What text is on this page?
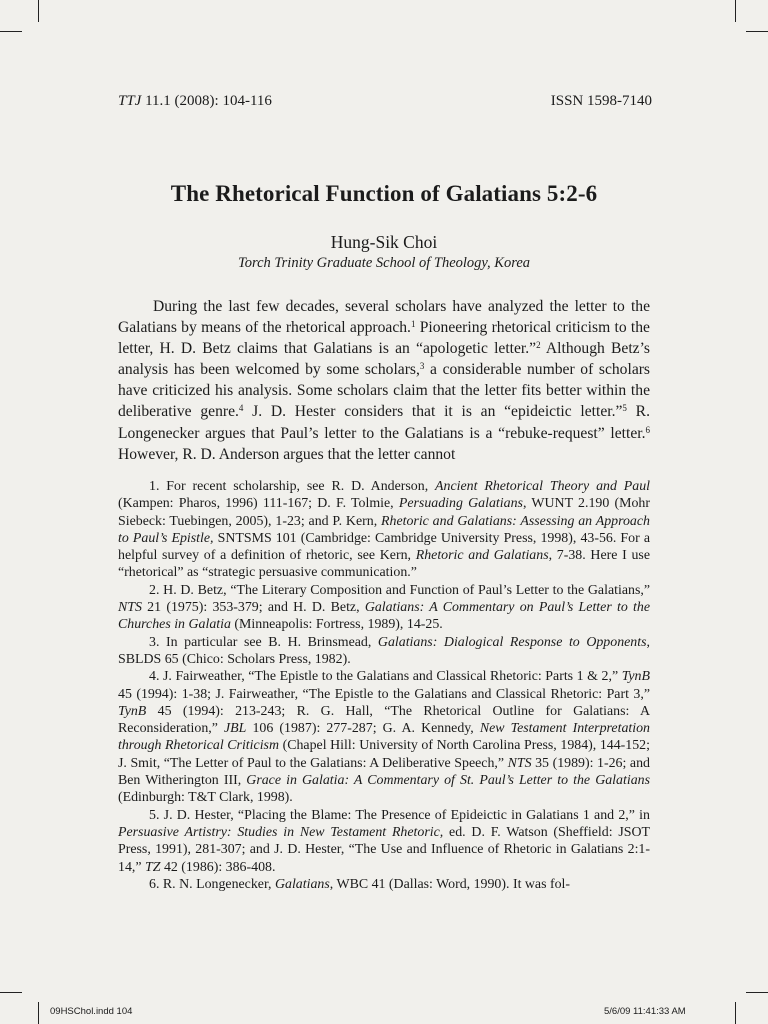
TTJ 11.1 (2008): 104-116	ISSN 1598-7140
The Rhetorical Function of Galatians 5:2-6
Hung-Sik Choi
Torch Trinity Graduate School of Theology, Korea

During the last few decades, several scholars have analyzed the letter to the Galatians by means of the rhetorical approach.$^1$ Pioneering rhetorical criticism to the letter, H. D. Betz claims that Galatians is an “apologetic letter.”$^2$ Although Betz’s analysis has been welcomed by some scholars,$^3$ a considerable number of scholars have criticized his analysis. Some scholars claim that the letter fits better within the deliberative genre.$^4$ J. D. Hester considers that it is an “epideictic letter.”$^5$ R. Longenecker argues that Paul’s letter to the Galatians is a “rebuke-request” letter.$^6$ However, R. D. Anderson argues that the letter cannot

1. For recent scholarship, see R. D. Anderson, Ancient Rhetorical Theory and Paul (Kampen: Pharos, 1996) 111-167; D. F. Tolmie, Persuading Galatians, WUNT 2.190 (Mohr Siebeck: Tuebingen, 2005), 1-23; and P. Kern, Rhetoric and Galatians: Assessing an Approach to Paul’s Epistle, SNTSMS 101 (Cambridge: Cambridge University Press, 1998), 43-56. For a helpful survey of a definition of rhetoric, see Kern, Rhetoric and Galatians, 7-38. Here I use “rhetorical” as “strategic persuasive communication.”

2. H. D. Betz, “The Literary Composition and Function of Paul’s Letter to the Galatians,” NTS 21 (1975): 353-379; and H. D. Betz, Galatians: A Commentary on Paul’s Letter to the Churches in Galatia (Minneapolis: Fortress, 1989), 14-25.

3. In particular see B. H. Brinsmead, Galatians: Dialogical Response to Opponents, SBLDS 65 (Chico: Scholars Press, 1982).

4. J. Fairweather, “The Epistle to the Galatians and Classical Rhetoric: Parts 1 & 2,” TynB 45 (1994): 1-38; J. Fairweather, “The Epistle to the Galatians and Classical Rhetoric: Part 3,” TynB 45 (1994): 213-243; R. G. Hall, “The Rhetorical Outline for Galatians: A Reconsideration,” JBL 106 (1987): 277-287; G. A. Kennedy, New Testament Interpretation through Rhetorical Criticism (Chapel Hill: University of North Carolina Press, 1984), 144-152; J. Smit, “The Letter of Paul to the Galatians: A Deliberative Speech,” NTS 35 (1989): 1-26; and Ben Witherington III, Grace in Galatia: A Commentary of St. Paul’s Letter to the Galatians (Edinburgh: T&T Clark, 1998).

5. J. D. Hester, “Placing the Blame: The Presence of Epideictic in Galatians 1 and 2,” in Persuasive Artistry: Studies in New Testament Rhetoric, ed. D. F. Watson (Sheffield: JSOT Press, 1991), 281-307; and J. D. Hester, “The Use and Influence of Rhetoric in Galatians 2:1-14,” TZ 42 (1986): 386-408.

6. R. N. Longenecker, Galatians, WBC 41 (Dallas: Word, 1990). It was fol-

09HSChol.indd 104	5/6/09 11:41:33 AM
